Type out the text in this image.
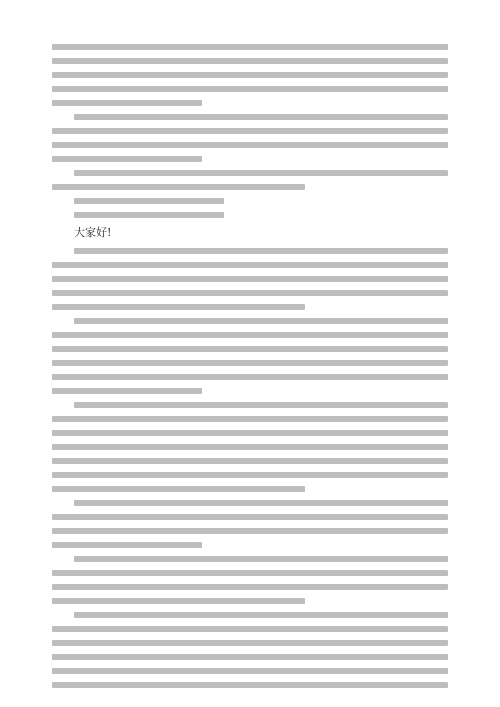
大家好!
